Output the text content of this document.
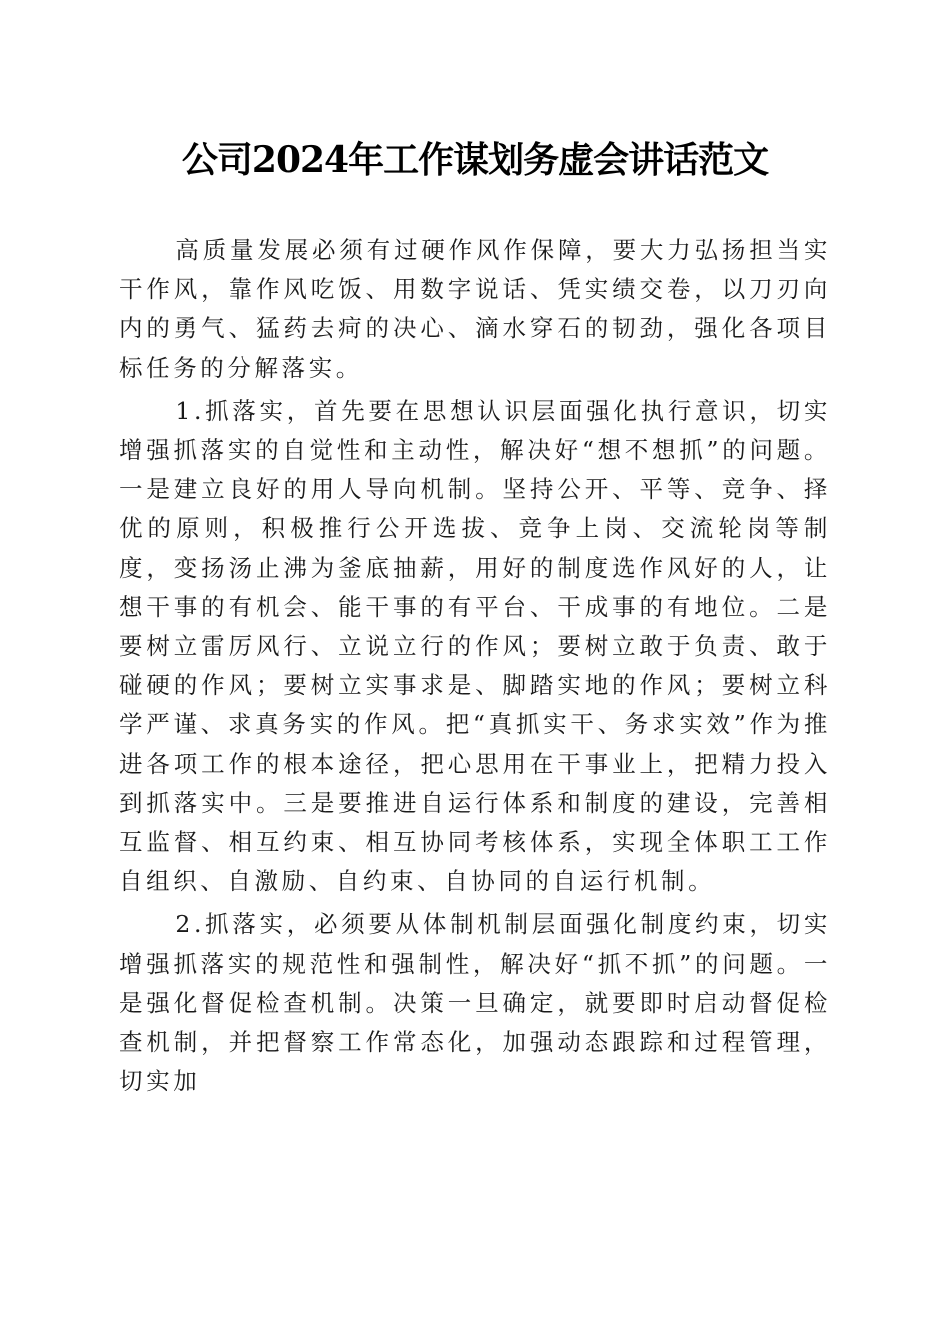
公司2024年工作谋划务虚会讲话范文

高质量发展必须有过硬作风作保障，要大力弘扬担当实干作风，靠作风吃饭、用数字说话、凭实绩交卷，以刀刃向内的勇气、猛药去疴的决心、滴水穿石的韧劲，强化各项目标任务的分解落实。

1.抓落实，首先要在思想认识层面强化执行意识，切实增强抓落实的自觉性和主动性，解决好“想不想抓”的问题。一是建立良好的用人导向机制。坚持公开、平等、竞争、择优的原则，积极推行公开选拔、竞争上岗、交流轮岗等制度，变扬汤止沸为釜底抽薪，用好的制度选作风好的人，让想干事的有机会、能干事的有平台、干成事的有地位。二是要树立雷厉风行、立说立行的作风；要树立敢于负责、敢于碰硬的作风；要树立实事求是、脚踏实地的作风；要树立科学严谨、求真务实的作风。把“真抓实干、务求实效”作为推进各项工作的根本途径，把心思用在干事业上，把精力投入到抓落实中。三是要推进自运行体系和制度的建设，完善相互监督、相互约束、相互协同考核体系，实现全体职工工作自组织、自激励、自约束、自协同的自运行机制。

2.抓落实，必须要从体制机制层面强化制度约束，切实增强抓落实的规范性和强制性，解决好“抓不抓”的问题。一是强化督促检查机制。决策一旦确定，就要即时启动督促检查机制，并把督察工作常态化，加强动态跟踪和过程管理，切实加
